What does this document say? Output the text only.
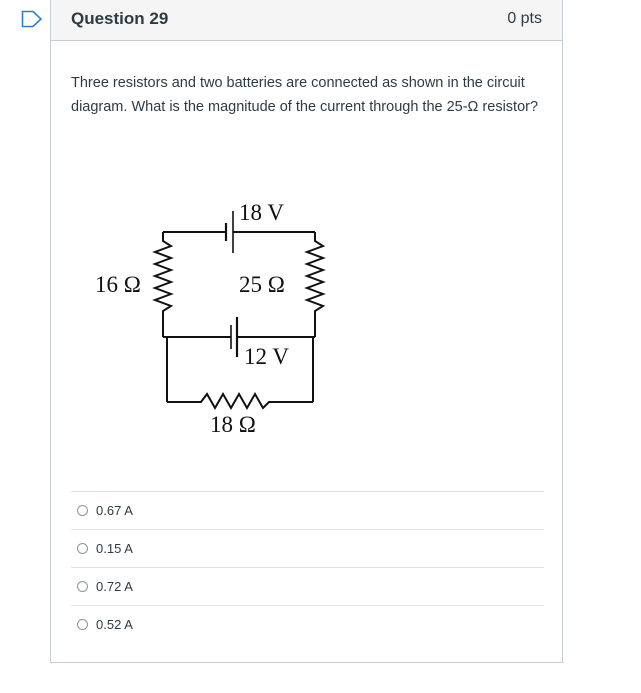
Question 29	0 pts
Three resistors and two batteries are connected as shown in the circuit diagram. What is the magnitude of the current through the 25-Ω resistor?
18 V
16 Ω	25 Ω
12 V
18 Ω
0.67 A
0.15 A
0.72 A
0.52 A
